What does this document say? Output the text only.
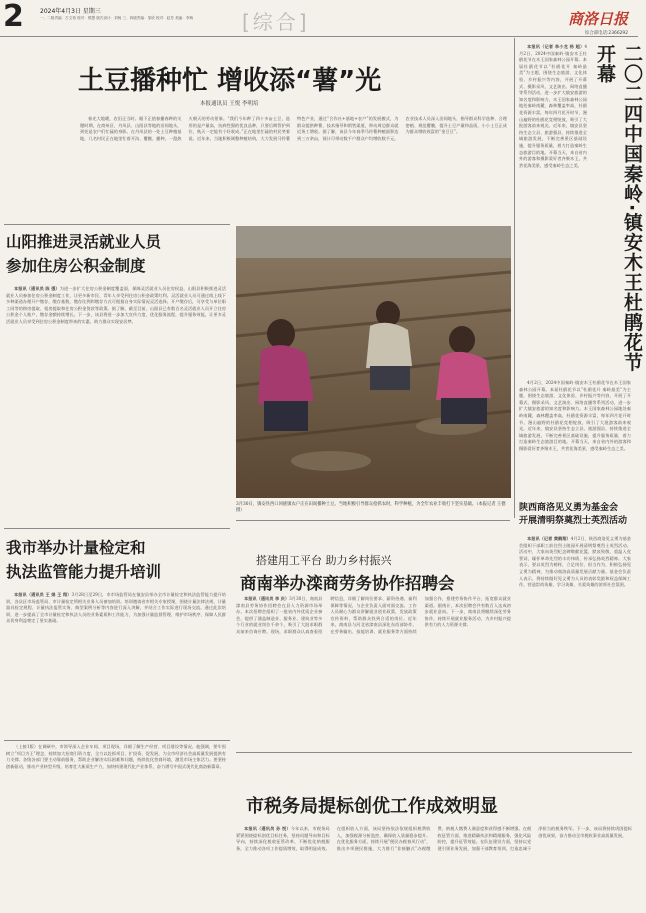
2	2024年4月3日 星期三
一、二版责编：古文柏 校对：熊慧 版式设计：刘杨 三、四版责编：邹欣 校对：赵芳 美编：李萌 [综合]	商洛日报
综合部电话:2366292
土豆播种忙 增收添“薯”光
本报通讯员 王悦 李明培

春光大地暖，农田正当时。眼下正值春播春种的关键时期，在商州区、丹凤县、山阳县等地的田间地头，到处是农户们忙碌的身影。在丹凤县的一处土豆种植基地，几名村民正在地里忙着开沟、覆膜、播种，一派热火朝天的劳动景象。“我们今年种了四十多亩土豆，选用的是产量高、抗病性强的优良品种，只要后期管护到位，秋天一定能有个好收成。”正在地里忙碌的村民笑着说。近年来，当地积极调整种植结构，大力发展马铃薯特色产业，通过“合作社+基地+农户”的发展模式，为群众提供种薯、技术指导和销售渠道，带动周边群众就近务工增收。据了解，该县今年春季马铃薯种植面积达到三万余亩，预计可带动数千户群众户均增收数千元。农业技术人员深入田间地头，指导群众科学选种、合理密植、规范覆膜，提升土豆产量和品质，小小土豆正成为群众增收致富的“金豆豆”。

山阳推进灵活就业人员
参加住房公积金制度

本报讯（通讯员 陈 强）为进一步扩大住房公积金制度覆盖面，保障灵活就业人员住房权益，山阳县积极推进灵活就业人员参加住房公积金制度工作，让更多新市民、青年人享受到住房公积金政策红利。灵活就业人员可通过线上线下多种渠道办理开户缴存，缴存基数、缴存比例和缴存方式可根据自身实际情况灵活选择。开户缴存后，可享受与单位职工同等的购房提取、租房提取和住房公积金贷款等政策。据了解，截至目前，山阳县已有数百名灵活就业人员开立住房公积金个人账户，缴存金额持续增长。下一步，该县将进一步加大宣传力度，优化服务流程，提升服务效能，让更多灵活就业人员享受到住房公积金制度带来的实惠，助力群众实现安居梦。

3月30日，镇安县西口回族镇农户正在田间播种土豆。当地积极引导群众抢抓农时，科学种植，为全年农业丰收打下坚实基础。（本报记者 王德 摄）
二〇二四中国秦岭·镇安木王杜鹃花节开幕

本报讯（记者 李小龙 杨 超）4月2日，2024中国秦岭·镇安木王杜鹃花节在木王国家森林公园开幕。本届杜鹃花节以“杜鹃花开 秦岭最美”为主题，围绕生态旅游、文化体验、乡村振兴等内容，开展了开幕式、摄影采风、文艺演出、网络直播等系列活动，进一步扩大镇安旅游的知名度和影响力。木王国家森林公园地处秦岭南麓，森林覆盖率高，杜鹃花资源丰富，每年四月花开时节，漫山遍野的杜鹃花竞相绽放，吸引了大批游客前来观光。近年来，镇安县坚持生态立县、旅游强县，持续推进全域旅游发展，不断完善景区基础设施，提升服务质量，着力打造秦岭生态旅游目的地。开幕当天，来自省内外的游客和摄影爱好者齐聚木王，共赏花海美景，感受秦岭生态之美。

4月2日，2024中国秦岭·镇安木王杜鹃花节在木王国家森林公园开幕。本届杜鹃花节以“杜鹃花开 秦岭最美”为主题，围绕生态旅游、文化体验、乡村振兴等内容，开展了开幕式、摄影采风、文艺演出、网络直播等系列活动，进一步扩大镇安旅游的知名度和影响力。木王国家森林公园地处秦岭南麓，森林覆盖率高，杜鹃花资源丰富，每年四月花开时节，漫山遍野的杜鹃花竞相绽放，吸引了大批游客前来观光。近年来，镇安县坚持生态立县、旅游强县，持续推进全域旅游发展，不断完善景区基础设施，提升服务质量，着力打造秦岭生态旅游目的地。开幕当天，来自省内外的游客和摄影爱好者齐聚木王，共赏花海美景，感受秦岭生态之美。

陕西商洛见义勇为基金会
开展清明祭奠烈士英烈活动

本报讯（记者 黄鹤翔）4月2日，陕西商洛见义勇为基金会组织干部职工前往烈士陵园开展清明祭奠烈士英烈活动。活动中，大家向英烈纪念碑敬献花篮，默哀致敬，重温入党誓词，缅怀革命先烈的丰功伟绩，传承弘扬英烈精神。大家表示，要以英烈为榜样，立足岗位、担当作为，积极弘扬见义勇为精神，为推动商洛高质量发展贡献力量。基金会负责人表示，将持续做好见义勇为人员的表彰奖励和权益保障工作，营造崇尚英雄、学习英雄、关爱英雄的浓厚社会氛围。

我市举办计量检定和
执法监管能力提升培训

本报讯（通讯员 王 娟 王 翔）3月28日至29日，市市场监管局在镇安县举办全市计量检定和执法监管能力提升培训，各县区市场监管局、市计量检定所相关业务人员参加培训。培训邀请省市相关专家授课，围绕计量法律法规、计量器具检定规程、计量执法监管实务、典型案例分析等内容进行深入讲解，并结合工作实际进行现场交流。通过此次培训，进一步提高了全市计量检定和执法人员的业务素质和工作能力，为加强计量监督管理、维护市场秩序、保障人民群众切身利益奠定了坚实基础。

搭建用工平台 助力乡村振兴
商南举办滦商劳务协作招聘会

本报讯（通讯员 李 庆）3月30日，商南县滦南县劳务协作招聘会在县人力资源市场举办。本次招聘会组织了一批省内外优质企业参会，提供了涵盖制造业、服务业、建筑业等多个行业的就业岗位千余个，吸引了大批求职群众前来咨询应聘。现场，求职群众认真查看招聘信息，详细了解岗位要求、薪资待遇、福利保障等情况，与企业负责人面对面交流。工作人员耐心为群众讲解就业创业政策，发放政策宣传资料，帮助群众找到合适的岗位。近年来，商南县与河北省滦南县深化东西部协作，在劳务输出、技能培训、就业服务等方面持续加强合作，搭建劳务协作平台，拓宽群众就业渠道。据统计，本次招聘会共有数百人达成初步就业意向。下一步，商南县将继续深化劳务协作，持续开展就业服务活动，为乡村振兴提供有力的人力资源支撑。

（上接1版）在调研中，市领导深入企业车间、项目现场，详细了解生产经营、项目建设等情况。他强调，要牢固树立“项目为王”理念，持续加大招商引资力度，全力以赴抓项目、扩投资、促发展，为全市经济社会高质量发展提供有力支撑。各级各部门要主动靠前服务，帮助企业解决实际困难和问题，持续优化营商环境，激发市场主体活力。要坚持创新驱动，推动产业转型升级，培育壮大新质生产力，加快构建现代化产业体系，奋力谱写中国式现代化商洛新篇章。

市税务局提标创优工作成效明显

本报讯（通讯员 孙 悦）今年以来，市税务局紧紧围绕提标创优目标任务，坚持问题导向和目标导向，持续深化税收征管改革，不断优化纳税服务，全力推动各项工作提质增效，取得明显成效。在组织收入方面，该局坚持依法依规组织税费收入，加强税源分析监控，确保收入质量稳步提升。在优化服务方面，持续开展“便民办税春风行动”，推出多项便民措施，大力推行“非接触式”办税缴费，纳税人缴费人满意度和获得感不断增强。在税收征管方面，推进精确执法和精细服务，强化风险防控，提升征管效能。在队伍建设方面，坚持以党建引领业务发展，加强干部教育培训，打造忠诚干净担当的税务铁军。下一步，该局将持续巩固提标创优成果，奋力推动全市税收事业高质量发展。
